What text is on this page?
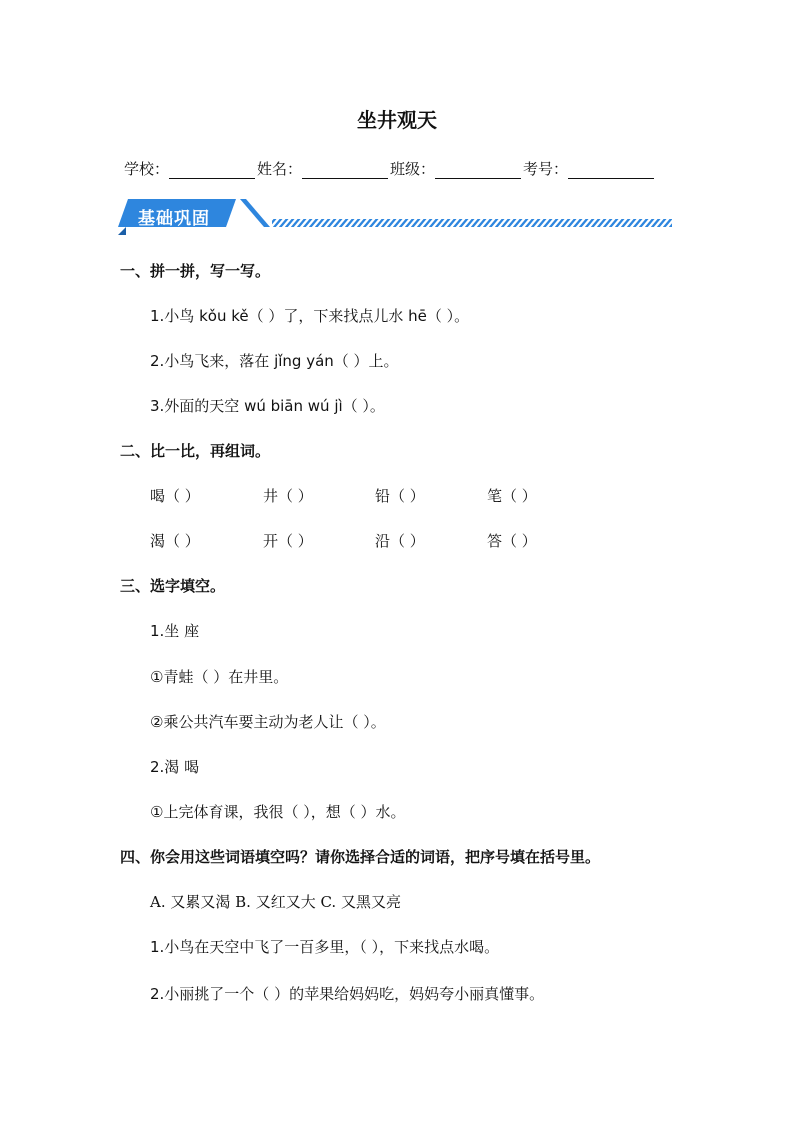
坐井观天
学校：	姓名：	班级：	考号：
基础巩固
一、拼一拼，写一写。
1.小鸟 kǒu kě（ ）了，下来找点儿水 hē（ ）。
2.小鸟飞来，落在 jǐng yán（ ）上。
3.外面的天空 wú biān wú jì（ ）。
二、比一比，再组词。
喝（ ）	井（ ）	铅（ ）	笔（ ）
渴（ ）	开（ ）	沿（ ）	答（ ）
三、选字填空。
1.坐 座
①青蛙（ ）在井里。
②乘公共汽车要主动为老人让（ ）。
2.渴 喝
①上完体育课，我很（ ），想（ ）水。
四、你会用这些词语填空吗？请你选择合适的词语，把序号填在括号里。
A. 又累又渴 B. 又红又大 C. 又黑又亮
1.小鸟在天空中飞了一百多里，（ ），下来找点水喝。
2.小丽挑了一个（ ）的苹果给妈妈吃，妈妈夸小丽真懂事。
